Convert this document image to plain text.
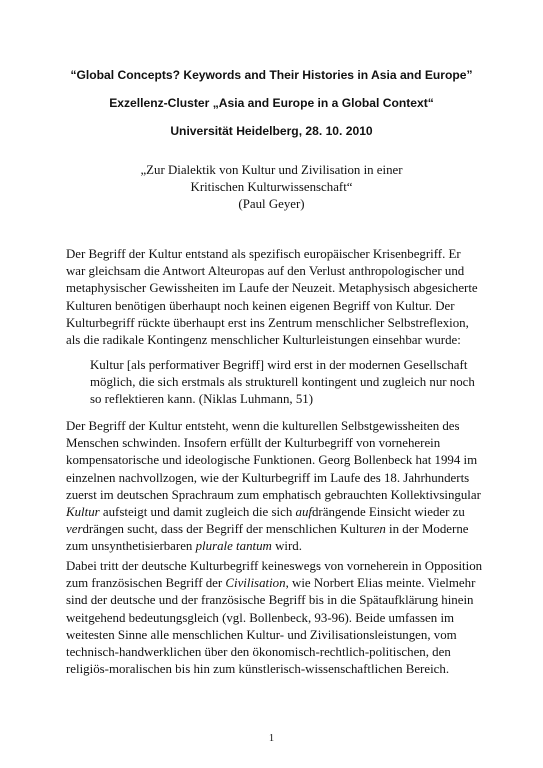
“Global Concepts? Keywords and Their Histories in Asia and Europe”
Exzellenz-Cluster „Asia and Europe in a Global Context“
Universität Heidelberg, 28. 10. 2010
„Zur Dialektik von Kultur und Zivilisation in einer
Kritischen Kulturwissenschaft“
(Paul Geyer)
Der Begriff der Kultur entstand als spezifisch europäischer Krisenbegriff. Er
war gleichsam die Antwort Alteuropas auf den Verlust anthropologischer und
metaphysischer Gewissheiten im Laufe der Neuzeit. Metaphysisch abgesicherte
Kulturen benötigen überhaupt noch keinen eigenen Begriff von Kultur. Der
Kulturbegriff rückte überhaupt erst ins Zentrum menschlicher Selbstreflexion,
als die radikale Kontingenz menschlicher Kulturleistungen einsehbar wurde:
Kultur [als performativer Begriff] wird erst in der modernen Gesellschaft
möglich, die sich erstmals als strukturell kontingent und zugleich nur noch
so reflektieren kann. (Niklas Luhmann, 51)
Der Begriff der Kultur entsteht, wenn die kulturellen Selbstgewissheiten des
Menschen schwinden. Insofern erfüllt der Kulturbegriff von vorneherein
kompensatorische und ideologische Funktionen. Georg Bollenbeck hat 1994 im
einzelnen nachvollzogen, wie der Kulturbegriff im Laufe des 18. Jahrhunderts
zuerst im deutschen Sprachraum zum emphatisch gebrauchten Kollektivsingular
Kultur aufsteigt und damit zugleich die sich aufdrängende Einsicht wieder zu
verdrängen sucht, dass der Begriff der menschlichen Kulturen in der Moderne
zum unsynthetisierbaren plurale tantum wird.
Dabei tritt der deutsche Kulturbegriff keineswegs von vorneherein in Opposition
zum französischen Begriff der Civilisation, wie Norbert Elias meinte. Vielmehr
sind der deutsche und der französische Begriff bis in die Spätaufklärung hinein
weitgehend bedeutungsgleich (vgl. Bollenbeck, 93-96). Beide umfassen im
weitesten Sinne alle menschlichen Kultur- und Zivilisationsleistungen, vom
technisch-handwerklichen über den ökonomisch-rechtlich-politischen, den
religiös-moralischen bis hin zum künstlerisch-wissenschaftlichen Bereich.
1
